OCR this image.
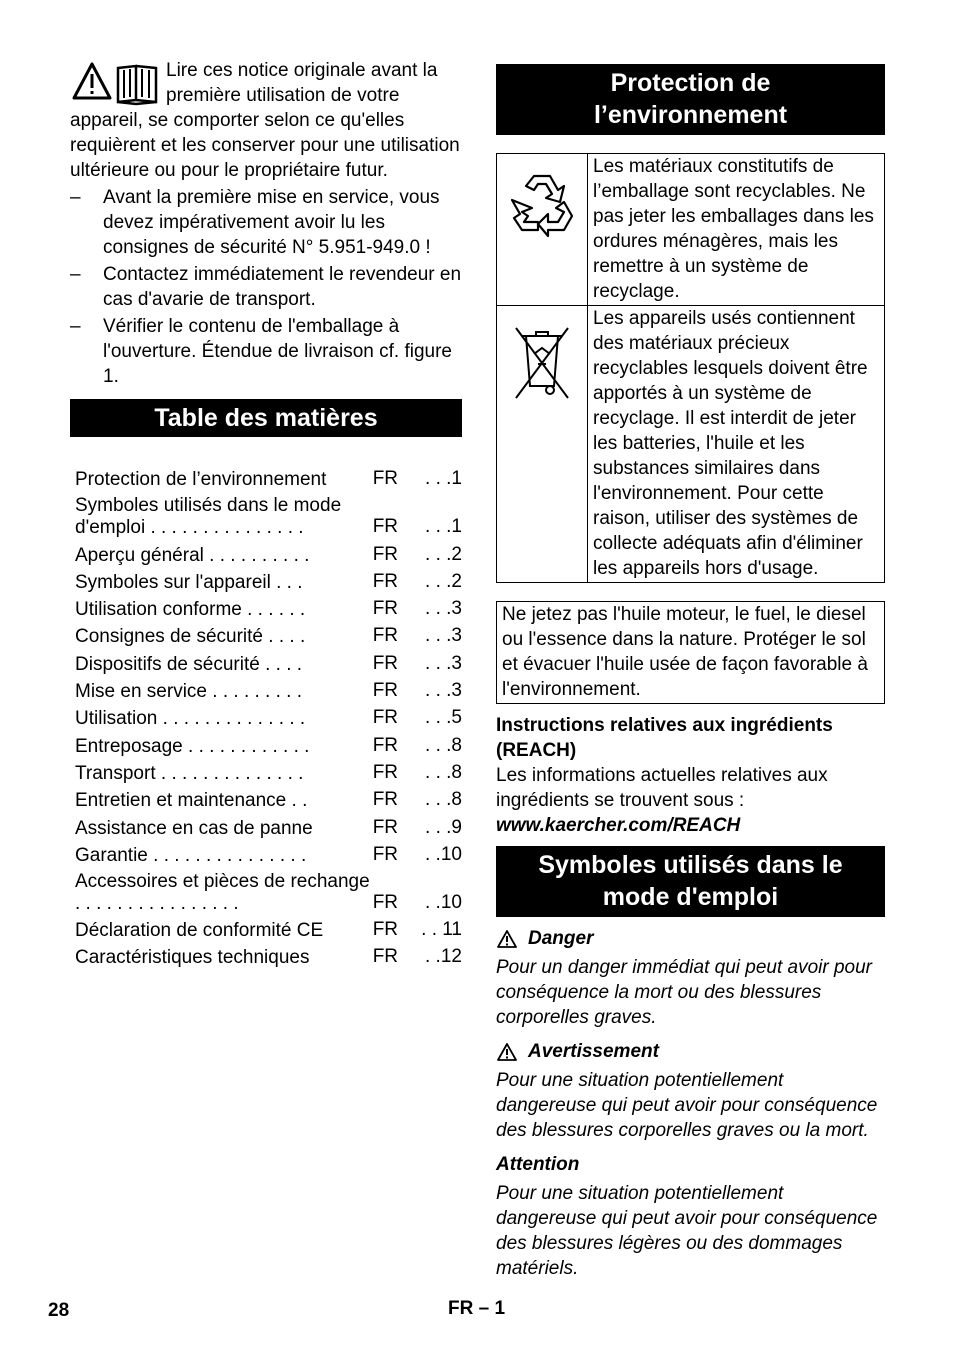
Lire ces notice originale avant la première utilisation de votre appareil, se comporter selon ce qu'elles requièrent et les conserver pour une utilisation ultérieure ou pour le propriétaire futur.

– Avant la première mise en service, vous devez impérativement avoir lu les consignes de sécurité N° 5.951-949.0 !
– Contactez immédiatement le revendeur en cas d'avarie de transport.
– Vérifier le contenu de l'emballage à l'ouverture. Étendue de livraison cf. figure 1.
Table des matières
Protection de l’environnement	FR	. . .1
Symboles utilisés dans le mode d'emploi . . . . . . . . . . . . . . .	FR	. . .1
Aperçu général . . . . . . . . . .	FR	. . .2
Symboles sur l'appareil . . .	FR	. . .2
Utilisation conforme . . . . . .	FR	. . .3
Consignes de sécurité . . . .	FR	. . .3
Dispositifs de sécurité . . . .	FR	. . .3
Mise en service . . . . . . . . .	FR	. . .3
Utilisation . . . . . . . . . . . . . .	FR	. . .5
Entreposage . . . . . . . . . . . .	FR	. . .8
Transport . . . . . . . . . . . . . .	FR	. . .8
Entretien et maintenance . .	FR	. . .8
Assistance en cas de panne	FR	. . .9
Garantie . . . . . . . . . . . . . . .	FR	. .10
Accessoires et pièces de rechange . . . . . . . . . . . . . . . .	FR	. .10
Déclaration de conformité CE	FR	. . 11
Caractéristiques techniques	FR	. .12
Protection de l’environnement
	Les matériaux constitutifs de l’emballage sont recyclables. Ne pas jeter les emballages dans les ordures ménagères, mais les remettre à un système de recyclage.
	Les appareils usés contiennent des matériaux précieux recyclables lesquels doivent être apportés à un système de recyclage. Il est interdit de jeter les batteries, l'huile et les substances similaires dans l'environnement. Pour cette raison, utiliser des systèmes de collecte adéquats afin d'éliminer les appareils hors d'usage.
Ne jetez pas l'huile moteur, le fuel, le diesel ou l'essence dans la nature. Protéger le sol et évacuer l'huile usée de façon favorable à l'environnement.
Instructions relatives aux ingrédients (REACH)
Les informations actuelles relatives aux ingrédients se trouvent sous :
www.kaercher.com/REACH
Symboles utilisés dans le mode d'emploi
Danger
Pour un danger immédiat qui peut avoir pour conséquence la mort ou des blessures corporelles graves.
Avertissement
Pour une situation potentiellement dangereuse qui peut avoir pour conséquence des blessures corporelles graves ou la mort.
Attention
Pour une situation potentiellement dangereuse qui peut avoir pour conséquence des blessures légères ou des dommages matériels.
28	FR – 1
